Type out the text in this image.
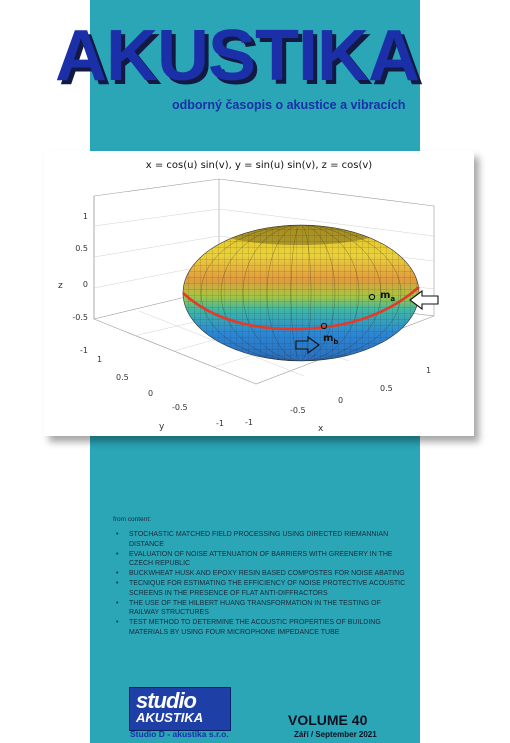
AKUSTIKA
odborný časopis o akustice a vibracích
x = cos(u) sin(v), y = sin(u) sin(v), z = cos(v)
$m_a$
$m_b$
1
0.5
0
-0.5
-1
z
1
0.5
0
-0.5
-1
y
1
0.5
0
-0.5
-1
x
from content:
• STOCHASTIC MATCHED FIELD PROCESSING USING DIRECTED RIEMANNIAN DISTANCE
• EVALUATION OF NOISE ATTENUATION OF BARRIERS WITH GREENERY IN THE CZECH REPUBLIC
• BUCKWHEAT HUSK AND EPOXY RESIN BASED COMPOSTES FOR NOISE ABATING
• TECNIQUE FOR ESTIMATING THE EFFICIENCY OF NOISE PROTECTIVE ACOUSTIC SCREENS IN THE PRESENCE OF FLAT ANTI-DIFFRACTORS
• THE USE OF THE HILBERT HUANG TRANSFORMATION IN THE TESTING OF RAILWAY STRUCTURES
• TEST METHOD TO DETERMINE THE ACOUSTIC PROPERTIES OF BUILDING MATERIALS BY USING FOUR MICROPHONE IMPEDANCE TUBE
studio
AKUSTIKA
Studio D - akustika s.r.o.
VOLUME 40
Září / September 2021
